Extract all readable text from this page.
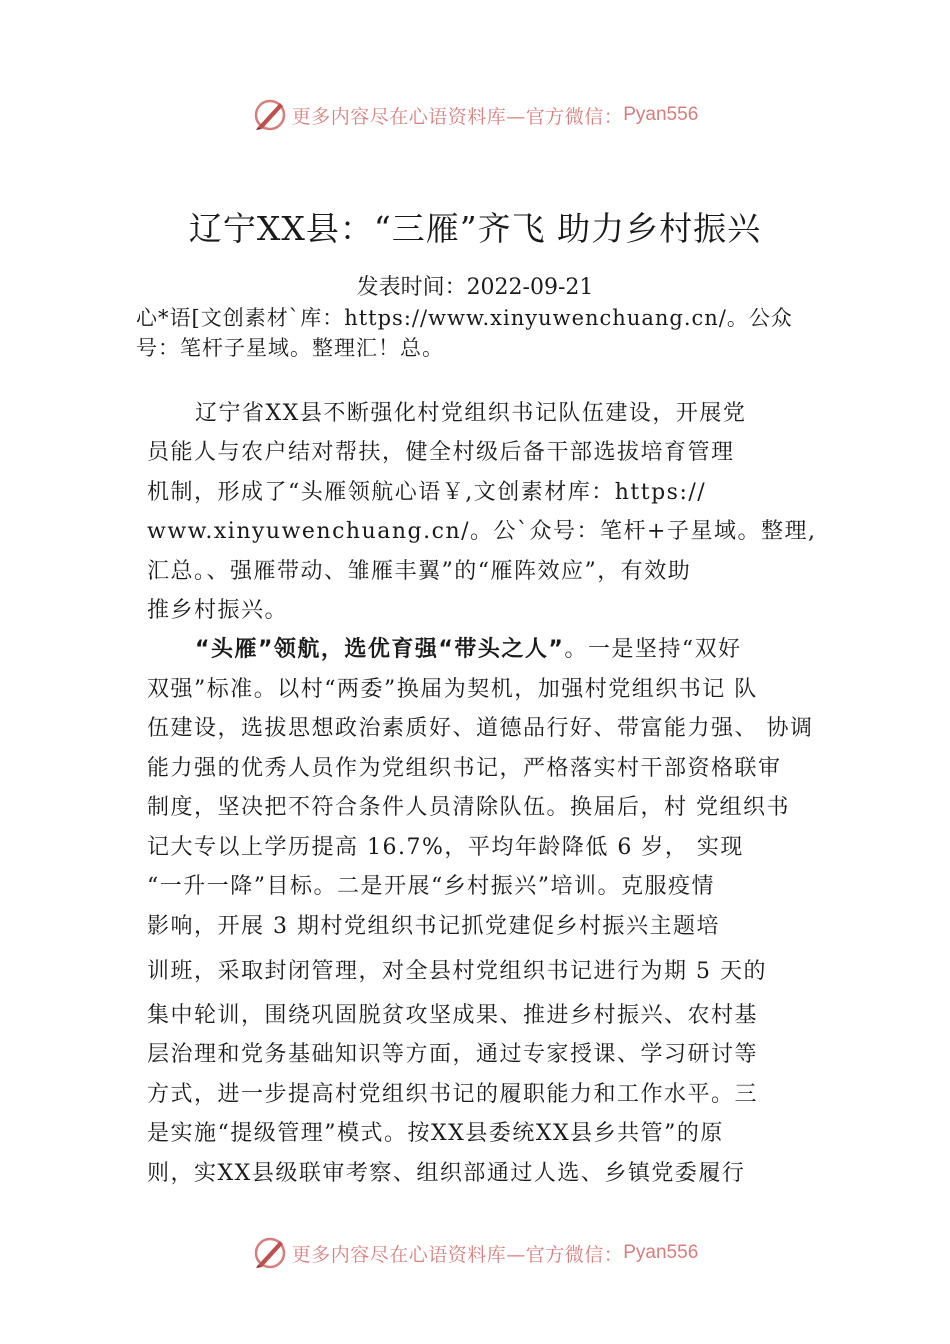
更多内容尽在心语资料库—官方微信： Pyan556
辽宁XX县：“三雁”齐飞 助力乡村振兴
发表时间：2022-09-21

心*语[文创素材`库：https://www.xinyuwenchuang.cn/。公众号：笔杆子星域。整理汇！总。

辽宁省XX县不断强化村党组织书记队伍建设，开展党
员能人与农户结对帮扶，健全村级后备干部选拔培育管理
机制，形成了“头雁领航心语￥,文创素材库：https://
www.xinyuwenchuang.cn/。公`众号：笔杆+子星域。整理,
汇总。、强雁带动、雏雁丰翼”的“雁阵效应”，有效助
推乡村振兴。
“头雁”领航，选优育强“带头之人”。一是坚持“双好
双强”标准。以村“两委”换届为契机，加强村党组织书记 队
伍建设，选拔思想政治素质好、道德品行好、带富能力强、 协调
能力强的优秀人员作为党组织书记，严格落实村干部资格联审
制度，坚决把不符合条件人员清除队伍。换届后，村 党组织书
记大专以上学历提高 16.7%，平均年龄降低 6 岁， 实现
“一升一降”目标。二是开展“乡村振兴”培训。克服疫情
影响，开展 3 期村党组织书记抓党建促乡村振兴主题培
训班，采取封闭管理，对全县村党组织书记进行为期 5 天的
集中轮训，围绕巩固脱贫攻坚成果、推进乡村振兴、农村基
层治理和党务基础知识等方面，通过专家授课、学习研讨等
方式，进一步提高村党组织书记的履职能力和工作水平。三
是实施“提级管理”模式。按XX县委统XX县乡共管”的原
则，实XX县级联审考察、组织部通过人选、乡镇党委履行
更多内容尽在心语资料库—官方微信： Pyan556
